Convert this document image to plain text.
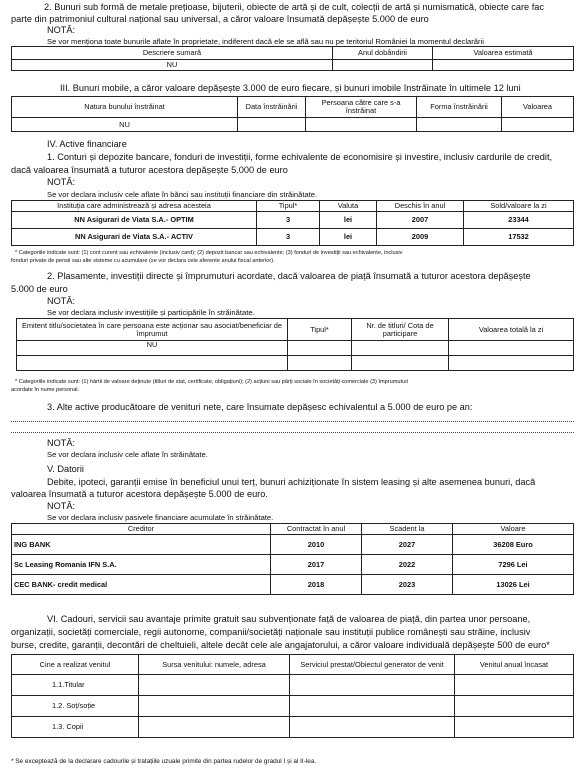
2. Bunuri sub formă de metale prețioase, bijuterii, obiecte de artă și de cult, colecții de artă și numismatică, obiecte care fac
parte din patrimoniul cultural național sau universal, a căror valoare însumată depășește 5.000 de euro
NOTĂ:
Se vor menționa toate bunurile aflate în proprietate, indiferent dacă ele se află sau nu pe teritoriul României la momentul declarării
Descriere sumară	Anul dobândirii	Valoarea estimată
NU		
III. Bunuri mobile, a căror valoare depășește 3.000 de euro fiecare, și bunuri imobile înstrăinate în ultimele 12 luni
Natura bunului înstrăinat	Data înstrăinării	Persoana către care s-a înstrăinat	Forma înstrăinării	Valoarea
NU				
IV. Active financiare
1. Conturi și depozite bancare, fonduri de investiții, forme echivalente de economisire și investire, inclusiv cardurile de credit,
dacă valoarea însumată a tuturor acestora depășește 5.000 de euro
NOTĂ:
Se vor declara inclusiv cele aflate în bănci sau instituții financiare din străinătate.
Instituția care administrează și adresa acesteia	Tipul*	Valuta	Deschis în anul	Sold/valoare la zi
NN Asigurari de Viata S.A.- OPTIM	3	lei	2007	23344
NN Asigurari de Viata S.A.- ACTIV	3	lei	2009	17532
* Categoriile indicate sunt: (1) cont curent sau echivalente (inclusiv card); (2) depozit bancar sau echivalente; (3) fonduri de investiții sau echivalente, inclusiv
fonduri private de pensii sau alte sisteme cu acumulare (se vor declara cele aferente anului fiscal anterior).
2. Plasamente, investiții directe și împrumuturi acordate, dacă valoarea de piață însumată a tuturor acestora depășește
5.000 de euro
NOTĂ:
Se vor declara inclusiv investițiile și participările în străinătate.
Emitent titlu/societatea în care persoana este acționar sau asociat/beneficiar de împrumut	Tipul*	Nr. de titluri/ Cota de participare	Valoarea totală la zi
NU			

* Categoriile indicate sunt: (1) hârtii de valoare deținute (titluri de stat, certificate, obligațiuni); (2) acțiuni sau părți sociale în societăți comerciale (3) împrumuturi
acordate în nume personal.
3. Alte active producătoare de venituri nete, care însumate depășesc echivalentul a 5.000 de euro pe an:
NOTĂ:
Se vor declara inclusiv cele aflate în străinătate.
V. Datorii
Debite, ipoteci, garanții emise în beneficiul unui terț, bunuri achiziționate în sistem leasing și alte asemenea bunuri, dacă
valoarea însumată a tuturor acestora depășește 5.000 de euro.
NOTĂ:
Se vor declara inclusiv pasivele financiare acumulate în străinătate.
Creditor	Contractat în anul	Scadent la	Valoare
ING BANK	2010	2027	36208 Euro
Sc Leasing Romania IFN S.A.	2017	2022	7296 Lei
CEC BANK- credit medical	2018	2023	13026 Lei
VI. Cadouri, servicii sau avantaje primite gratuit sau subvenționate față de valoarea de piață, din partea unor persoane,
organizații, societăți comerciale, regii autonome, companii/societăți naționale sau instituții publice românești sau străine, inclusiv
burse, credite, garanții, decontări de cheltuieli, altele decât cele ale angajatorului, a căror valoare individuală depășește 500 de euro*
Cine a realizat venitul	Sursa venitului: numele, adresa	Serviciul prestat/Obiectul generator de venit	Venitul anual încasat
1.1.Titular			
1.2. Soț/soție			
1.3. Copii			
* Se exceptează de la declarare cadourile și tratațiile uzuale primite din partea rudelor de gradul I și al II-lea.
